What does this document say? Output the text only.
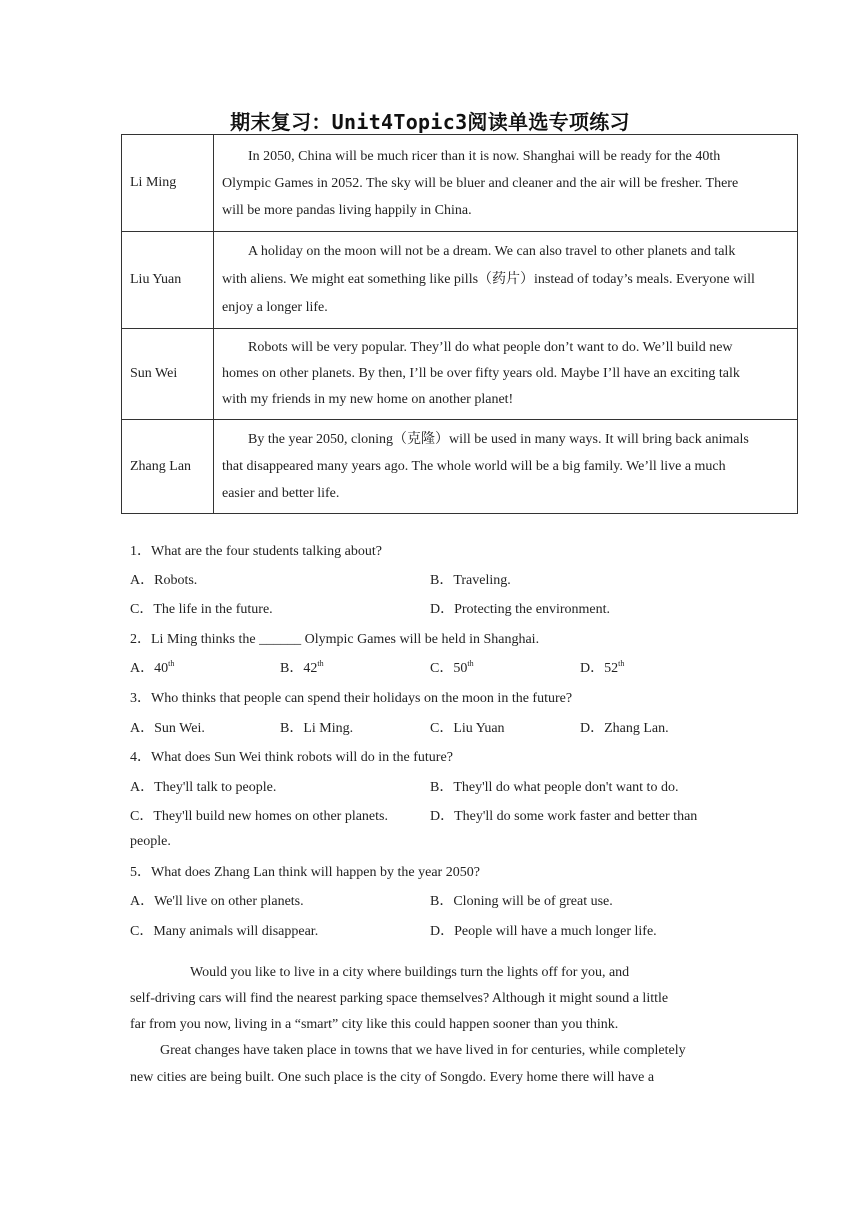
期末复习：Unit4Topic3阅读单选专项练习
Li Ming	In 2050, China will be much ricer than it is now. Shanghai will be ready for the 40th
Olympic Games in 2052. The sky will be bluer and cleaner and the air will be fresher. There
will be more pandas living happily in China.
Liu Yuan	A holiday on the moon will not be a dream. We can also travel to other planets and talk
with aliens. We might eat something like pills（药片）instead of today’s meals. Everyone will
enjoy a longer life.
Sun Wei	Robots will be very popular. They’ll do what people don’t want to do. We’ll build new
homes on other planets. By then, I’ll be over fifty years old. Maybe I’ll have an exciting talk
with my friends in my new home on another planet!
Zhang Lan	By the year 2050, cloning（克隆）will be used in many ways. It will bring back animals
that disappeared many years ago. The whole world will be a big family. We’ll live a much
easier and better life.
1．What are the four students talking about?
A．Robots.	B．Traveling.
C．The life in the future.	D．Protecting the environment.
2．Li Ming thinks the ______ Olympic Games will be held in Shanghai.
A．40th	B．42th	C．50th	D．52th
3．Who thinks that people can spend their holidays on the moon in the future?
A．Sun Wei.	B．Li Ming.	C．Liu Yuan	D．Zhang Lan.
4．What does Sun Wei think robots will do in the future?
A．They'll talk to people.	B．They'll do what people don't want to do.
C．They'll build new homes on other planets.	D．They'll do some work faster and better than
people.
5．What does Zhang Lan think will happen by the year 2050?
A．We'll live on other planets.	B．Cloning will be of great use.
C．Many animals will disappear.	D．People will have a much longer life.
Would you like to live in a city where buildings turn the lights off for you, and
self-driving cars will find the nearest parking space themselves? Although it might sound a little
far from you now, living in a “smart” city like this could happen sooner than you think.
Great changes have taken place in towns that we have lived in for centuries, while completely
new cities are being built. One such place is the city of Songdo. Every home there will have a
